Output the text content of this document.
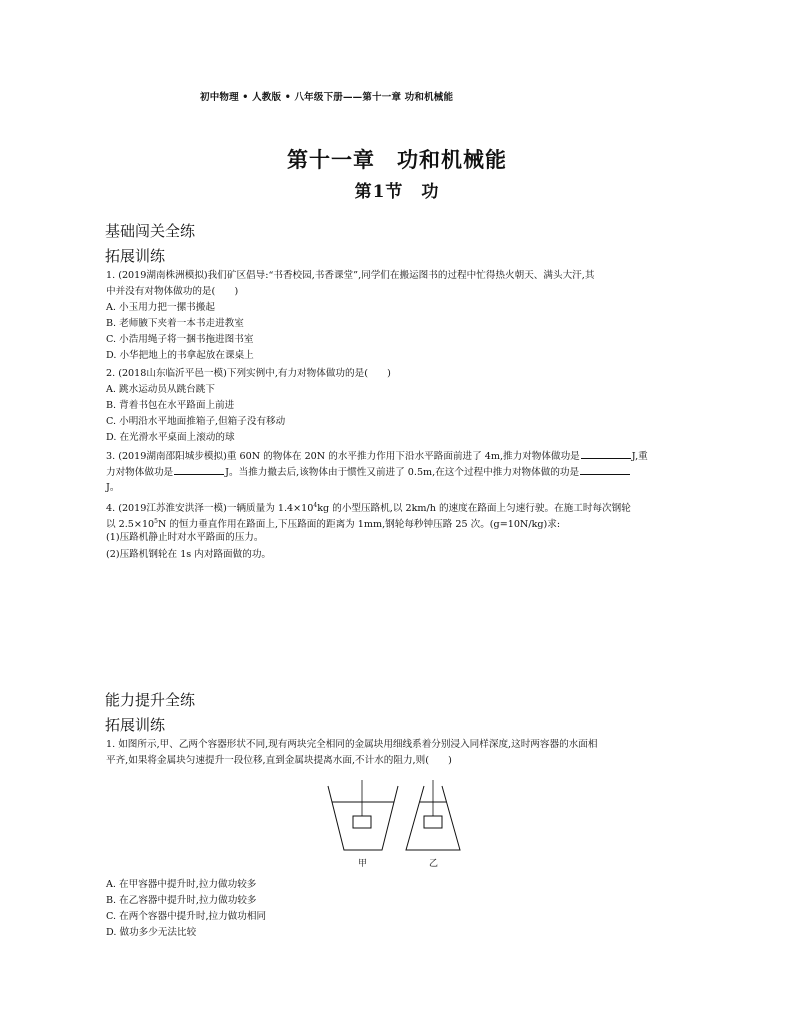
初中物理 • 人教版 • 八年级下册——第十一章 功和机械能
第十一章　功和机械能
第1节　功
基础闯关全练
拓展训练
1. (2019湖南株洲模拟)我们矿区倡导:“书香校园,书香课堂”,同学们在搬运图书的过程中忙得热火朝天、满头大汗,其
中并没有对物体做功的是(　　)
A. 小玉用力把一摞书搬起
B. 老师腋下夹着一本书走进教室
C. 小浩用绳子将一捆书拖进图书室
D. 小华把地上的书拿起放在课桌上
2. (2018山东临沂平邑一模)下列实例中,有力对物体做功的是(　　)
A. 跳水运动员从跳台跳下
B. 背着书包在水平路面上前进
C. 小明沿水平地面推箱子,但箱子没有移动
D. 在光滑水平桌面上滚动的球
3. (2019湖南邵阳城步模拟)重 60N 的物体在 20N 的水平推力作用下沿水平路面前进了 4m,推力对物体做功是	J,重
力对物体做功是	J。当推力撤去后,该物体由于惯性又前进了 0.5m,在这个过程中推力对物体做的功是
J。
4. (2019江苏淮安洪泽一模)一辆质量为 $1.4\times 10^4kg$ 的小型压路机,以 2km/h 的速度在路面上匀速行驶。在施工时每次钢轮
以 $2.5\times 10^5N$ 的恒力垂直作用在路面上,下压路面的距离为 1mm,钢轮每秒钟压路 25 次。(g=10N/kg)求:
(1)压路机静止时对水平路面的压力。
(2)压路机钢轮在 1s 内对路面做的功。
能力提升全练
拓展训练
1. 如图所示,甲、乙两个容器形状不同,现有两块完全相同的金属块用细线系着分别浸入同样深度,这时两容器的水面相
平齐,如果将金属块匀速提升一段位移,直到金属块提离水面,不计水的阻力,则(　　)
甲	乙
A. 在甲容器中提升时,拉力做功较多
B. 在乙容器中提升时,拉力做功较多
C. 在两个容器中提升时,拉力做功相同
D. 做功多少无法比较
